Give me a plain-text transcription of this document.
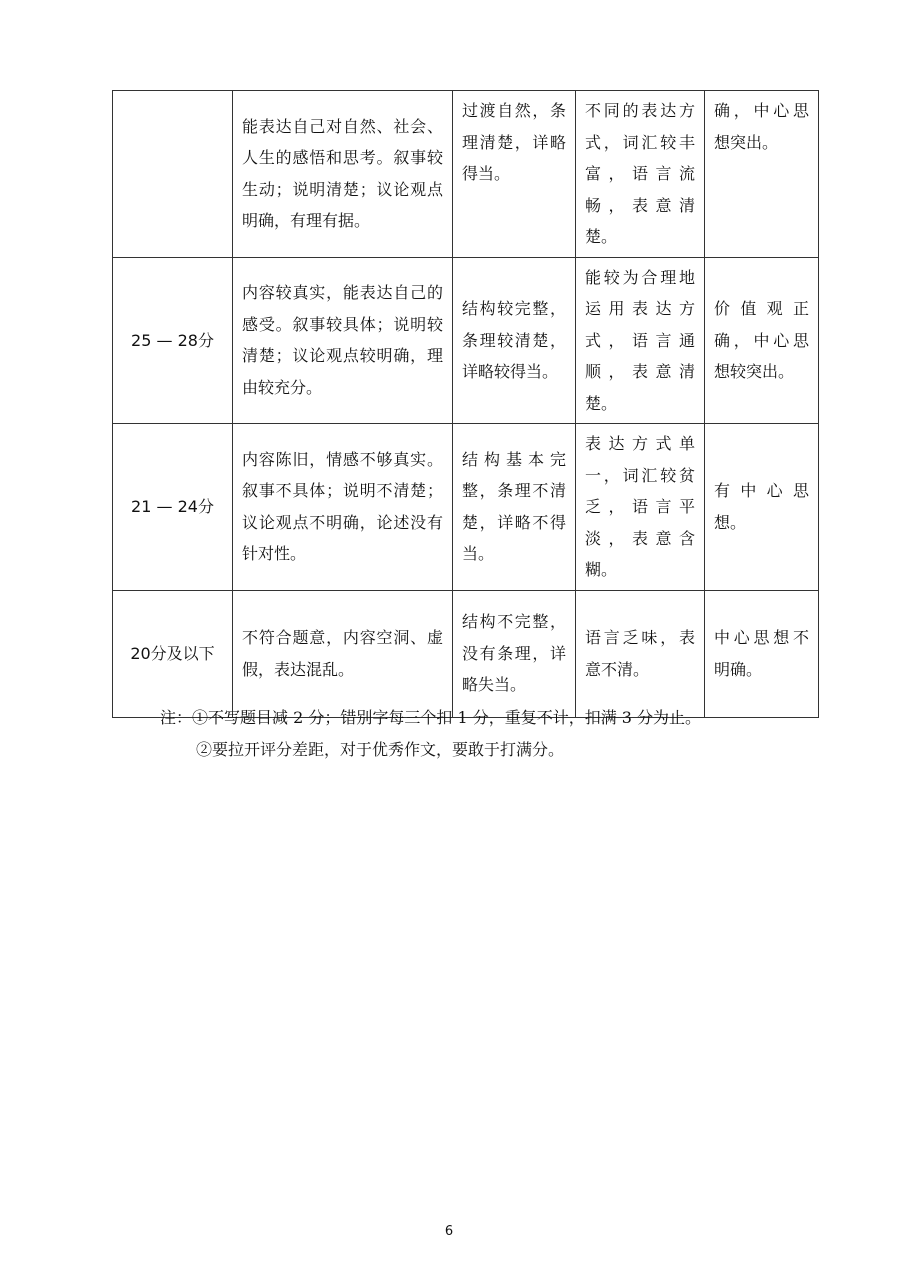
	能表达自己对自然、社会、人生的感悟和思考。叙事较生动；说明清楚；议论观点明确，有理有据。	过渡自然，条理清楚，详略得当。	不同的表达方式，词汇较丰富，语言流畅，表意清楚。	确，中心思想突出。
25 — 28分	内容较真实，能表达自己的感受。叙事较具体；说明较清楚；议论观点较明确，理由较充分。	结构较完整，条理较清楚，详略较得当。	能较为合理地运用表达方式，语言通顺，表意清楚。	价值观正确，中心思想较突出。
21 — 24分	内容陈旧，情感不够真实。叙事不具体；说明不清楚；议论观点不明确，论述没有针对性。	结构基本完整，条理不清楚，详略不得当。	表达方式单一，词汇较贫乏，语言平淡，表意含糊。	有中心思想。
20分及以下	不符合题意，内容空洞、虚假，表达混乱。	结构不完整，没有条理，详略失当。	语言乏味，表意不清。	中心思想不明确。
注：①不写题目减 2 分；错别字每三个扣 1 分，重复不计，扣满 3 分为止。
②要拉开评分差距，对于优秀作文，要敢于打满分。
6
